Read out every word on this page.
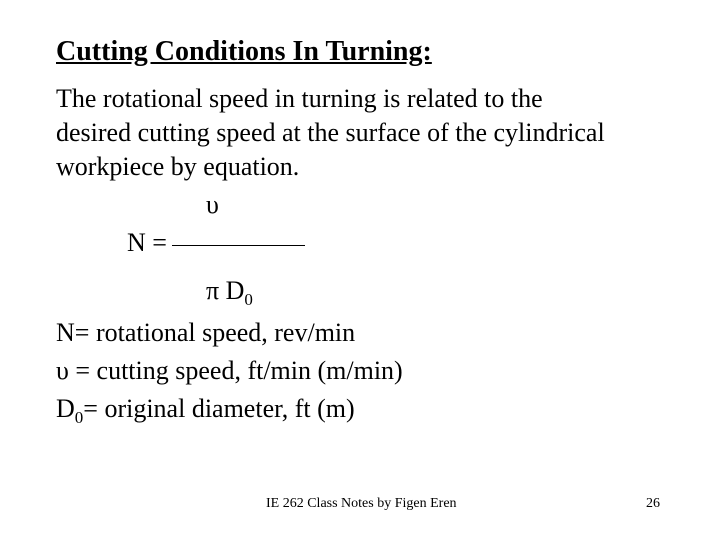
Cutting Conditions In Turning:
The rotational speed in turning is related to the
desired cutting speed at the surface of the cylindrical
workpiece by equation.
υ
N =
π $D_0$
N= rotational speed, rev/min
υ = cutting speed, ft/min (m/min)
$D_0=$ original diameter, ft (m)
IE 262 Class Notes by Figen Eren	26
